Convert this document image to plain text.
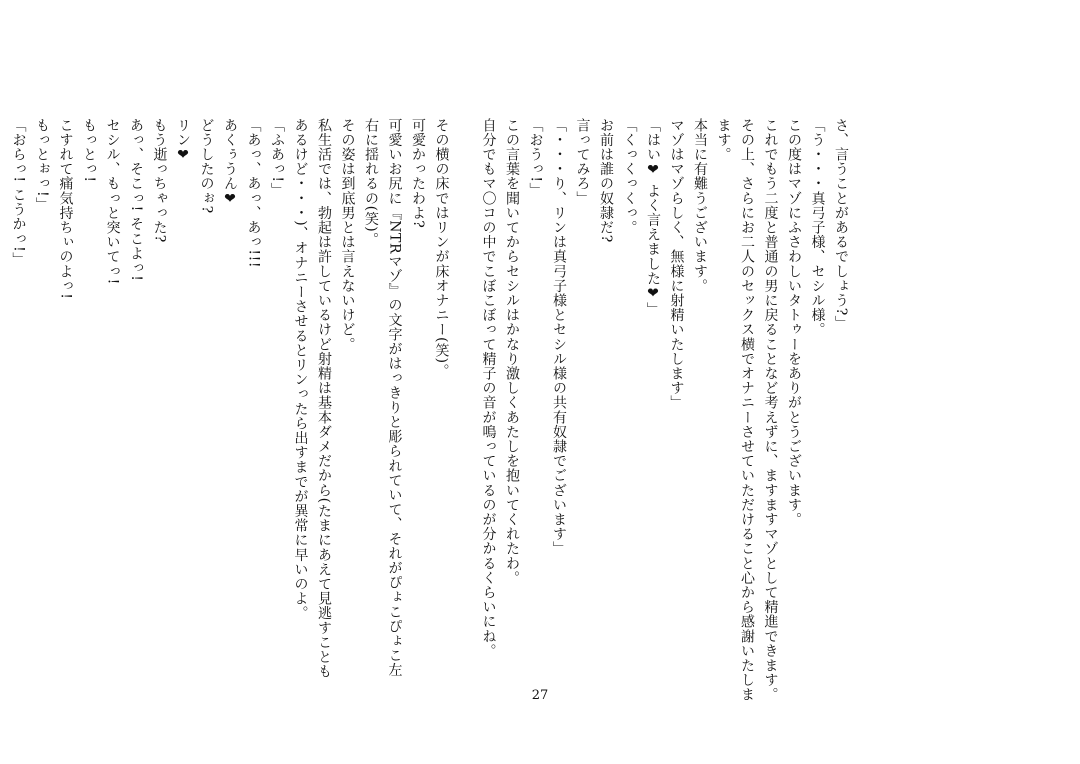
さ、言うことがあるでしょう?」
「う・・・真弓子様、セシル様。
この度はマゾにふさわしいタトゥーをありがとうございます。
これでもう二度と普通の男に戻ることなど考えずに、ますますマゾとして精進できます。
その上、さらにお二人のセックス横でオナニーさせていただけること心から感謝いたしま
ます。
本当に有難うございます。
マゾはマゾらしく、無様に射精いたします」
「はい❤ よく言えました❤」
「くっくっくっ。
お前は誰の奴隷だ?
言ってみろ」
「・・・り、リンは真弓子様とセシル様の共有奴隷でございます」
「おうっ!」
この言葉を聞いてからセシルはかなり激しくあたしを抱いてくれたわ。
自分でもマ〇コの中でこぼこぼって精子の音が鳴っているのが分かるくらいにね。
その横の床ではリンが床オナニー(笑)。
可愛かったわよ?
可愛いお尻に『NTRマゾ』の文字がはっきりと彫られていて、それがぴょこぴょこ左
右に揺れるの(笑)。
その姿は到底男とは言えないけど。
私生活では、勃起は許しているけど射精は基本ダメだから(たまにあえて見逃すことも
あるけど・・・)、オナニーさせるとリンったら出すまでが異常に早いのよ。
「ふあっ!」
「あっ、あっ、あっ!!!
あくぅうん❤
どうしたのぉ?
リン❤
もう逝っちゃった?
あっ、そこっ! そこよっ!
セシル、もっと突いてっ!
もっとっ!
こすれて痛気持ちぃのよっ!
もっとぉっ!」
「おらっ! こうかっ!」
27
